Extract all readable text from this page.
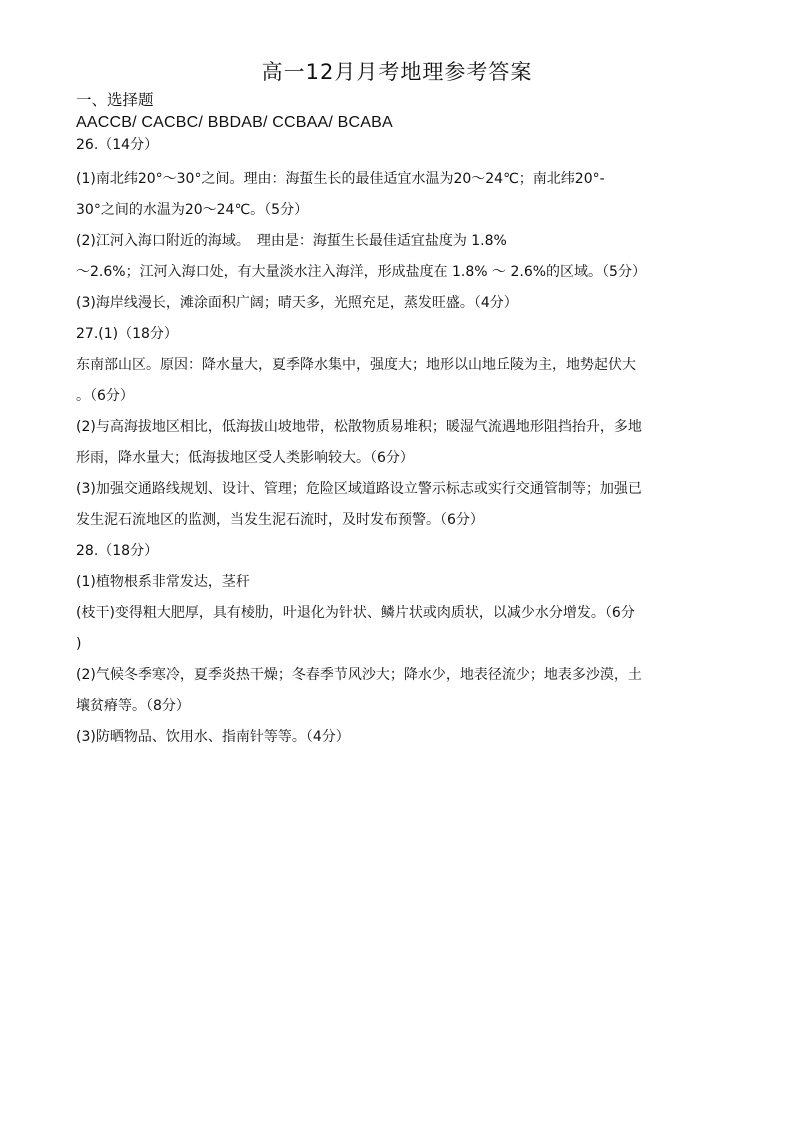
高一12月月考地理参考答案
一、选择题
AACCB/ CACBC/ BBDAB/ CCBAA/ BCABA
26.（14分）
(1)南北纬20°～30°之间。理由：海蜇生长的最佳适宜水温为20～24℃；南北纬20°-
30°之间的水温为20～24℃。（5分）
(2)江河入海口附近的海域。　理由是：海蜇生长最佳适宜盐度为 1.8%
～2.6%；江河入海口处，有大量淡水注入海洋，形成盐度在 1.8% ～ 2.6%的区域。（5分）
(3)海岸线漫长，滩涂面积广阔；晴天多，光照充足，蒸发旺盛。（4分）
27.(1)（18分）
东南部山区。原因：降水量大，夏季降水集中，强度大；地形以山地丘陵为主，地势起伏大
。（6分）
(2)与高海拔地区相比，低海拔山坡地带，松散物质易堆积；暖湿气流遇地形阻挡抬升，多地
形雨，降水量大；低海拔地区受人类影响较大。（6分）
(3)加强交通路线规划、设计、管理；危险区域道路设立警示标志或实行交通管制等；加强已
发生泥石流地区的监测，当发生泥石流时，及时发布预警。（6分）
28.（18分）
(1)植物根系非常发达，茎秆
(枝干)变得粗大肥厚，具有棱肋，叶退化为针状、鳞片状或肉质状，以减少水分增发。（6分
)
(2)气候冬季寒冷，夏季炎热干燥；冬春季节风沙大；降水少，地表径流少；地表多沙漠，土
壤贫瘠等。（8分）
(3)防晒物品、饮用水、指南针等等。（4分）
